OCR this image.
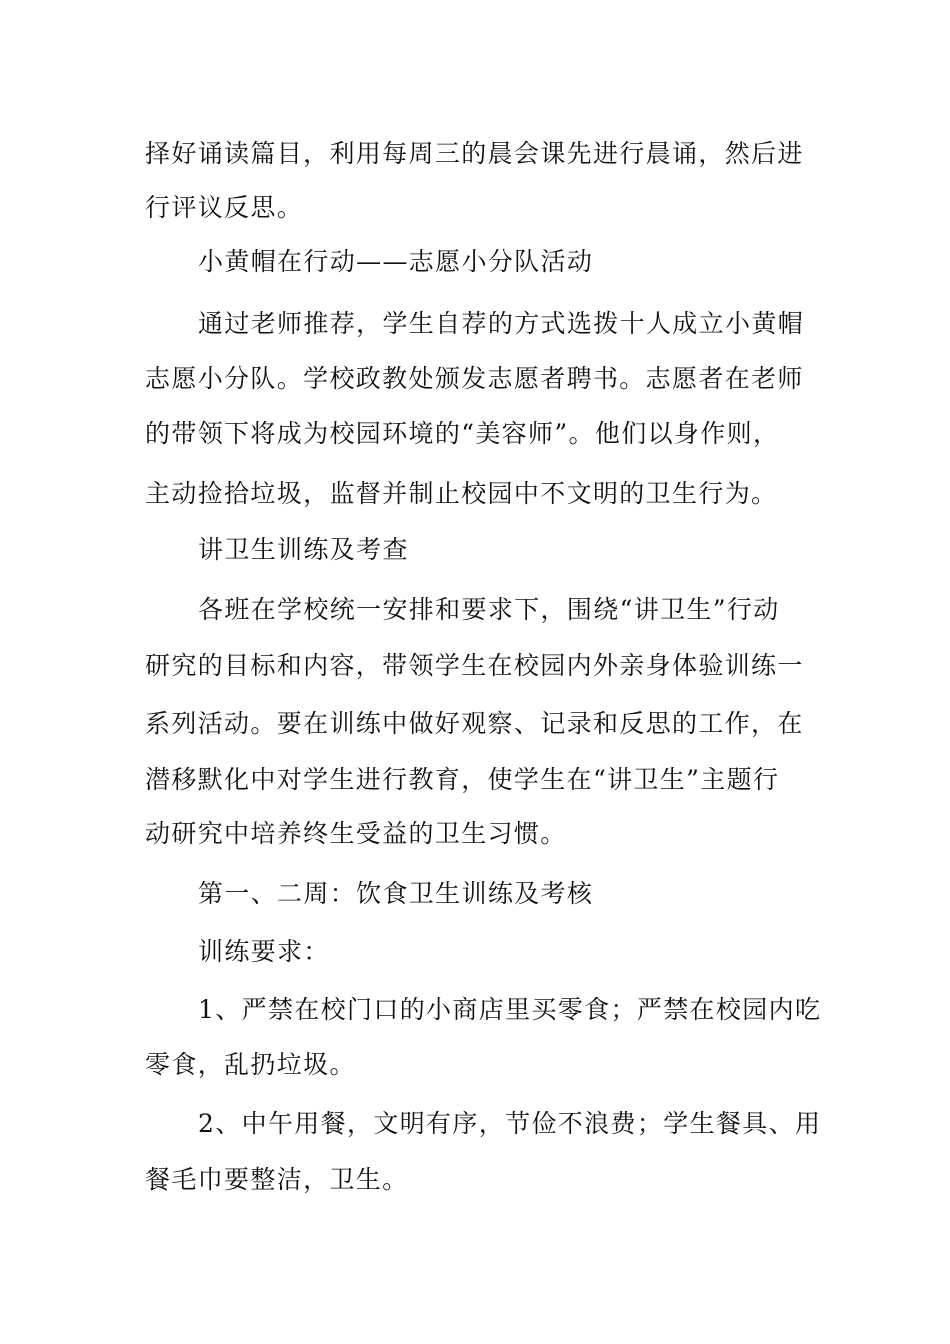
择好诵读篇目，利用每周三的晨会课先进行晨诵，然后进
行评议反思。
小黄帽在行动——志愿小分队活动
通过老师推荐，学生自荐的方式选拨十人成立小黄帽
志愿小分队。学校政教处颁发志愿者聘书。志愿者在老师
的带领下将成为校园环境的“美容师”。他们以身作则，
主动捡拾垃圾，监督并制止校园中不文明的卫生行为。
讲卫生训练及考查
各班在学校统一安排和要求下，围绕“讲卫生”行动
研究的目标和内容，带领学生在校园内外亲身体验训练一
系列活动。要在训练中做好观察、记录和反思的工作，在
潜移默化中对学生进行教育，使学生在“讲卫生”主题行
动研究中培养终生受益的卫生习惯。
第一、二周：饮食卫生训练及考核
训练要求：
1、严禁在校门口的小商店里买零食；严禁在校园内吃
零食，乱扔垃圾。
2、中午用餐，文明有序，节俭不浪费；学生餐具、用
餐毛巾要整洁，卫生。
